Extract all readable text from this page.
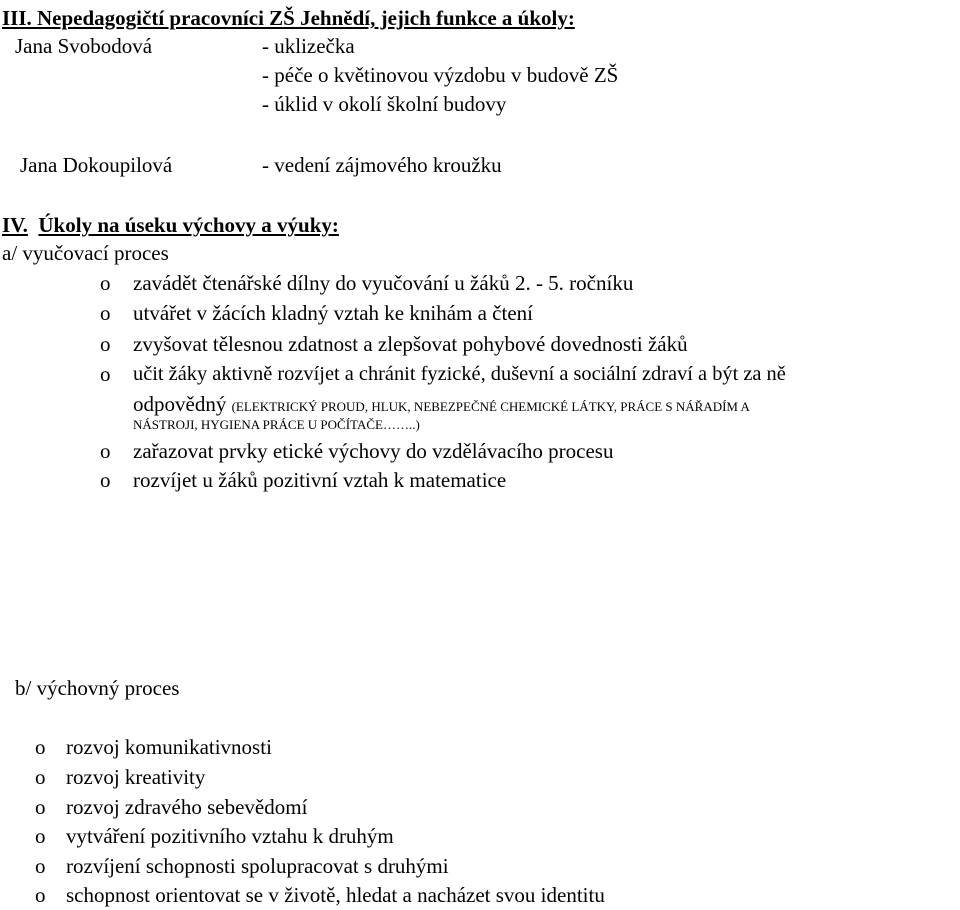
III. Nepedagogičtí pracovníci ZŠ Jehnědí, jejich funkce a úkoly:
Jana Svobodová	- uklizečka
- péče o květinovou výzdobu v budově ZŠ
- úklid v okolí školní budovy
Jana Dokoupilová	- vedení zájmového kroužku
IV. Úkoly na úseku výchovy a výuky:
a/ vyučovací proces
o zavádět čtenářské dílny do vyučování u žáků 2. - 5. ročníku
o utvářet v žácích kladný vztah ke knihám a čtení
o zvyšovat tělesnou zdatnost a zlepšovat pohybové dovednosti žáků
o učit žáky aktivně rozvíjet a chránit fyzické, duševní a sociální zdraví a být za ně
odpovědný (ELEKTRICKÝ PROUD, HLUK, NEBEZPEČNÉ CHEMICKÉ LÁTKY, PRÁCE S NÁŘADÍM A
NÁSTROJI, HYGIENA PRÁCE U POČÍTAČE……..)
o zařazovat prvky etické výchovy do vzdělávacího procesu
o rozvíjet u žáků pozitivní vztah k matematice
b/ výchovný proces
o rozvoj komunikativnosti
o rozvoj kreativity
o rozvoj zdravého sebevědomí
o vytváření pozitivního vztahu k druhým
o rozvíjení schopnosti spolupracovat s druhými
o schopnost orientovat se v životě, hledat a nacházet svou identitu
